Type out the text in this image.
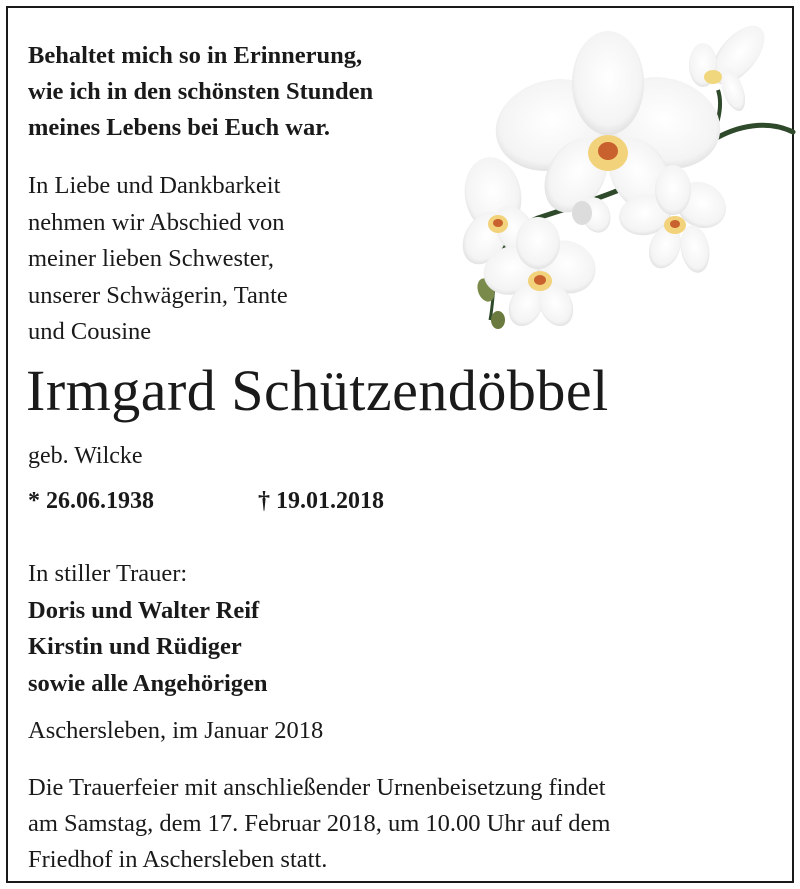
Behaltet mich so in Erinnerung,
wie ich in den schönsten Stunden
meines Lebens bei Euch war.
In Liebe und Dankbarkeit
nehmen wir Abschied von
meiner lieben Schwester,
unserer Schwägerin, Tante
und Cousine
Irmgard Schützendöbbel
geb. Wilcke
* 26.06.1938	† 19.01.2018
In stiller Trauer:
Doris und Walter Reif
Kirstin und Rüdiger
sowie alle Angehörigen
Aschersleben, im Januar 2018
Die Trauerfeier mit anschließender Urnenbeisetzung findet
am Samstag, dem 17. Februar 2018, um 10.00 Uhr auf dem
Friedhof in Aschersleben statt.
